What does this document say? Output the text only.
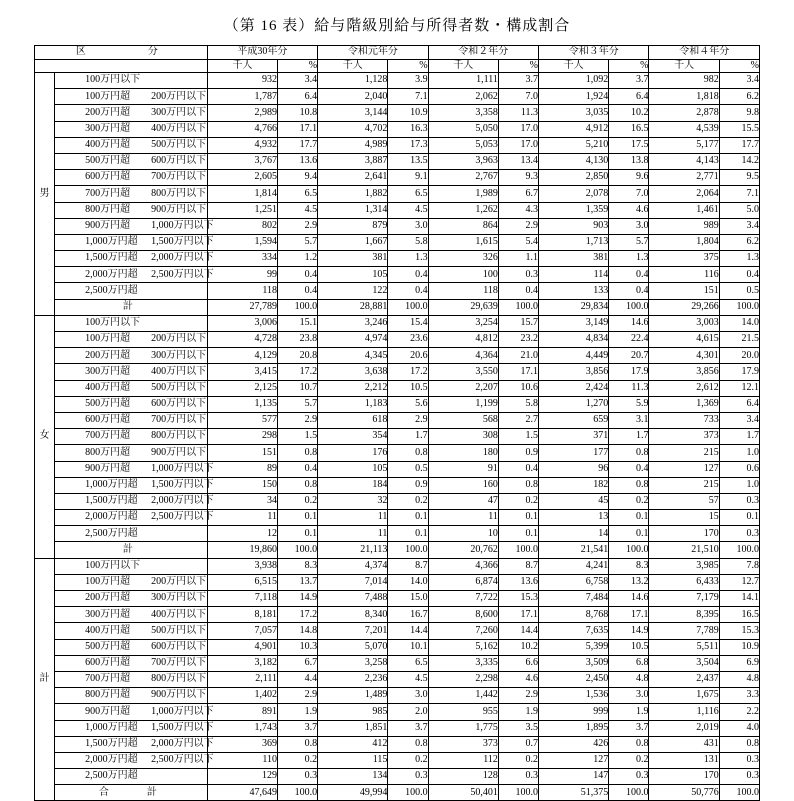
（第 16 表）給与階級別給与所得者数・構成割合
区　　　分		平成30年分		令和元年分		令和２年分		令和３年分		令和４年分	
		千人	%	千人	%	千人	%	千人	%	千人	%
男	100万円以下	932	3.4	1,128	3.9	1,111	3.7	1,092	3.7	982	3.4
	100万円超 200万円以下	1,787	6.4	2,040	7.1	2,062	7.0	1,924	6.4	1,818	6.2
	200万円超 300万円以下	2,989	10.8	3,144	10.9	3,358	11.3	3,035	10.2	2,878	9.8
	300万円超 400万円以下	4,766	17.1	4,702	16.3	5,050	17.0	4,912	16.5	4,539	15.5
	400万円超 500万円以下	4,932	17.7	4,989	17.3	5,053	17.0	5,210	17.5	5,177	17.7
	500万円超 600万円以下	3,767	13.6	3,887	13.5	3,963	13.4	4,130	13.8	4,143	14.2
	600万円超 700万円以下	2,605	9.4	2,641	9.1	2,767	9.3	2,850	9.6	2,771	9.5
	700万円超 800万円以下	1,814	6.5	1,882	6.5	1,989	6.7	2,078	7.0	2,064	7.1
	800万円超 900万円以下	1,251	4.5	1,314	4.5	1,262	4.3	1,359	4.6	1,461	5.0
	900万円超 1,000万円以下	802	2.9	879	3.0	864	2.9	903	3.0	989	3.4
	1,000万円超 1,500万円以下	1,594	5.7	1,667	5.8	1,615	5.4	1,713	5.7	1,804	6.2
	1,500万円超 2,000万円以下	334	1.2	381	1.3	326	1.1	381	1.3	375	1.3
	2,000万円超 2,500万円以下	99	0.4	105	0.4	100	0.3	114	0.4	116	0.4
	2,500万円超	118	0.4	122	0.4	118	0.4	133	0.4	151	0.5
	計	27,789	100.0	28,881	100.0	29,639	100.0	29,834	100.0	29,266	100.0
女	100万円以下	3,006	15.1	3,246	15.4	3,254	15.7	3,149	14.6	3,003	14.0
	100万円超 200万円以下	4,728	23.8	4,974	23.6	4,812	23.2	4,834	22.4	4,615	21.5
	200万円超 300万円以下	4,129	20.8	4,345	20.6	4,364	21.0	4,449	20.7	4,301	20.0
	300万円超 400万円以下	3,415	17.2	3,638	17.2	3,550	17.1	3,856	17.9	3,856	17.9
	400万円超 500万円以下	2,125	10.7	2,212	10.5	2,207	10.6	2,424	11.3	2,612	12.1
	500万円超 600万円以下	1,135	5.7	1,183	5.6	1,199	5.8	1,270	5.9	1,369	6.4
	600万円超 700万円以下	577	2.9	618	2.9	568	2.7	659	3.1	733	3.4
	700万円超 800万円以下	298	1.5	354	1.7	308	1.5	371	1.7	373	1.7
	800万円超 900万円以下	151	0.8	176	0.8	180	0.9	177	0.8	215	1.0
	900万円超 1,000万円以下	89	0.4	105	0.5	91	0.4	96	0.4	127	0.6
	1,000万円超 1,500万円以下	150	0.8	184	0.9	160	0.8	182	0.8	215	1.0
	1,500万円超 2,000万円以下	34	0.2	32	0.2	47	0.2	45	0.2	57	0.3
	2,000万円超 2,500万円以下	11	0.1	11	0.1	11	0.1	13	0.1	15	0.1
	2,500万円超	12	0.1	11	0.1	10	0.1	14	0.1	170	0.3
	計	19,860	100.0	21,113	100.0	20,762	100.0	21,541	100.0	21,510	100.0
計	100万円以下	3,938	8.3	4,374	8.7	4,366	8.7	4,241	8.3	3,985	7.8
	100万円超 200万円以下	6,515	13.7	7,014	14.0	6,874	13.6	6,758	13.2	6,433	12.7
	200万円超 300万円以下	7,118	14.9	7,488	15.0	7,722	15.3	7,484	14.6	7,179	14.1
	300万円超 400万円以下	8,181	17.2	8,340	16.7	8,600	17.1	8,768	17.1	8,395	16.5
	400万円超 500万円以下	7,057	14.8	7,201	14.4	7,260	14.4	7,635	14.9	7,789	15.3
	500万円超 600万円以下	4,901	10.3	5,070	10.1	5,162	10.2	5,399	10.5	5,511	10.9
	600万円超 700万円以下	3,182	6.7	3,258	6.5	3,335	6.6	3,509	6.8	3,504	6.9
	700万円超 800万円以下	2,111	4.4	2,236	4.5	2,298	4.6	2,450	4.8	2,437	4.8
	800万円超 900万円以下	1,402	2.9	1,489	3.0	1,442	2.9	1,536	3.0	1,675	3.3
	900万円超 1,000万円以下	891	1.9	985	2.0	955	1.9	999	1.9	1,116	2.2
	1,000万円超 1,500万円以下	1,743	3.7	1,851	3.7	1,775	3.5	1,895	3.7	2,019	4.0
	1,500万円超 2,000万円以下	369	0.8	412	0.8	373	0.7	426	0.8	431	0.8
	2,000万円超 2,500万円以下	110	0.2	115	0.2	112	0.2	127	0.2	131	0.3
	2,500万円超	129	0.3	134	0.3	128	0.3	147	0.3	170	0.3
	合　　計	47,649	100.0	49,994	100.0	50,401	100.0	51,375	100.0	50,776	100.0
